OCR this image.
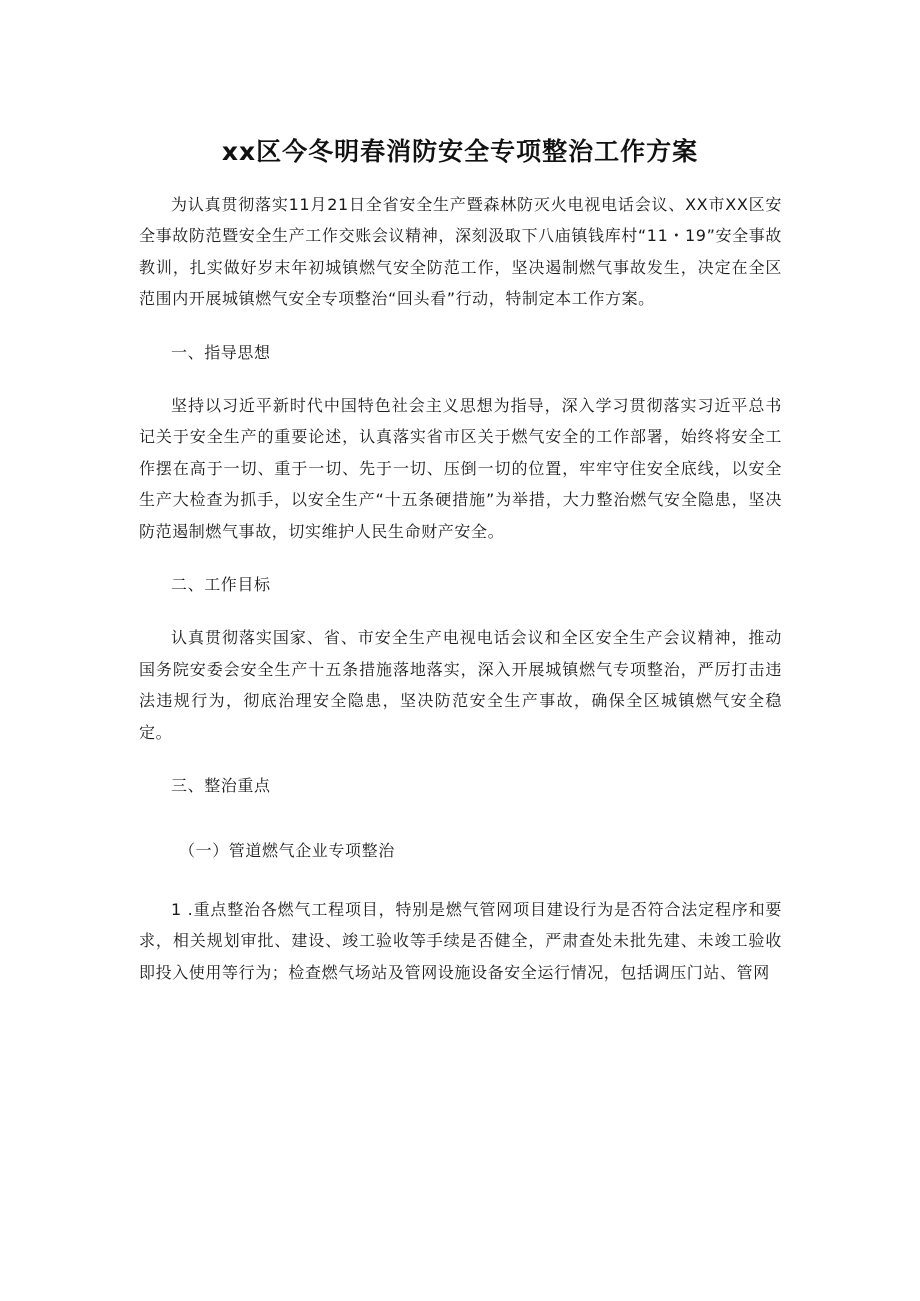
xx区今冬明春消防安全专项整治工作方案

为认真贯彻落实11月21日全省安全生产暨森林防灭火电视电话会议、XX市XX区安全事故防范暨安全生产工作交账会议精神，深刻汲取下八庙镇钱库村“11・19”安全事故教训，扎实做好岁末年初城镇燃气安全防范工作，坚决遏制燃气事故发生，决定在全区范围内开展城镇燃气安全专项整治“回头看”行动，特制定本工作方案。

一、指导思想

坚持以习近平新时代中国特色社会主义思想为指导，深入学习贯彻落实习近平总书记关于安全生产的重要论述，认真落实省市区关于燃气安全的工作部署，始终将安全工作摆在高于一切、重于一切、先于一切、压倒一切的位置，牢牢守住安全底线，以安全生产大检查为抓手，以安全生产“十五条硬措施”为举措，大力整治燃气安全隐患，坚决防范遏制燃气事故，切实维护人民生命财产安全。

二、工作目标

认真贯彻落实国家、省、市安全生产电视电话会议和全区安全生产会议精神，推动国务院安委会安全生产十五条措施落地落实，深入开展城镇燃气专项整治，严厉打击违法违规行为，彻底治理安全隐患，坚决防范安全生产事故，确保全区城镇燃气安全稳定。

三、整治重点

（一）管道燃气企业专项整治

1 .重点整治各燃气工程项目，特别是燃气管网项目建设行为是否符合法定程序和要求，相关规划审批、建设、竣工验收等手续是否健全，严肃查处未批先建、未竣工验收即投入使用等行为；检查燃气场站及管网设施设备安全运行情况，包括调压门站、管网
